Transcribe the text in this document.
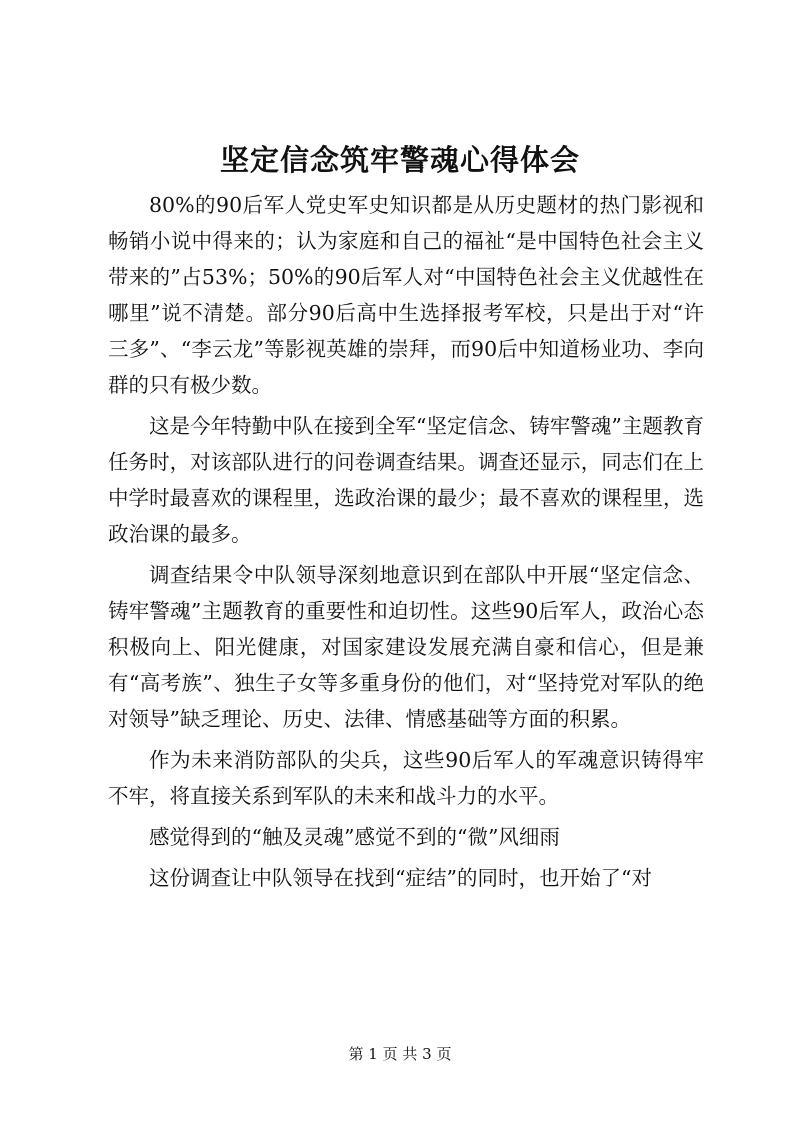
坚定信念筑牢警魂心得体会

80%的90后军人党史军史知识都是从历史题材的热门影视和畅销小说中得来的；认为家庭和自己的福祉“是中国特色社会主义带来的”占53%；50%的90后军人对“中国特色社会主义优越性在哪里”说不清楚。部分90后高中生选择报考军校，只是出于对“许三多”、“李云龙”等影视英雄的崇拜，而90后中知道杨业功、李向群的只有极少数。

这是今年特勤中队在接到全军“坚定信念、铸牢警魂”主题教育任务时，对该部队进行的问卷调查结果。调查还显示，同志们在上中学时最喜欢的课程里，选政治课的最少；最不喜欢的课程里，选政治课的最多。

调查结果令中队领导深刻地意识到在部队中开展“坚定信念、铸牢警魂”主题教育的重要性和迫切性。这些90后军人，政治心态积极向上、阳光健康，对国家建设发展充满自豪和信心，但是兼有“高考族”、独生子女等多重身份的他们，对“坚持党对军队的绝对领导”缺乏理论、历史、法律、情感基础等方面的积累。

作为未来消防部队的尖兵，这些90后军人的军魂意识铸得牢不牢，将直接关系到军队的未来和战斗力的水平。

感觉得到的“触及灵魂”感觉不到的“微”风细雨

这份调查让中队领导在找到“症结”的同时，也开始了“对

第 1 页 共 3 页
